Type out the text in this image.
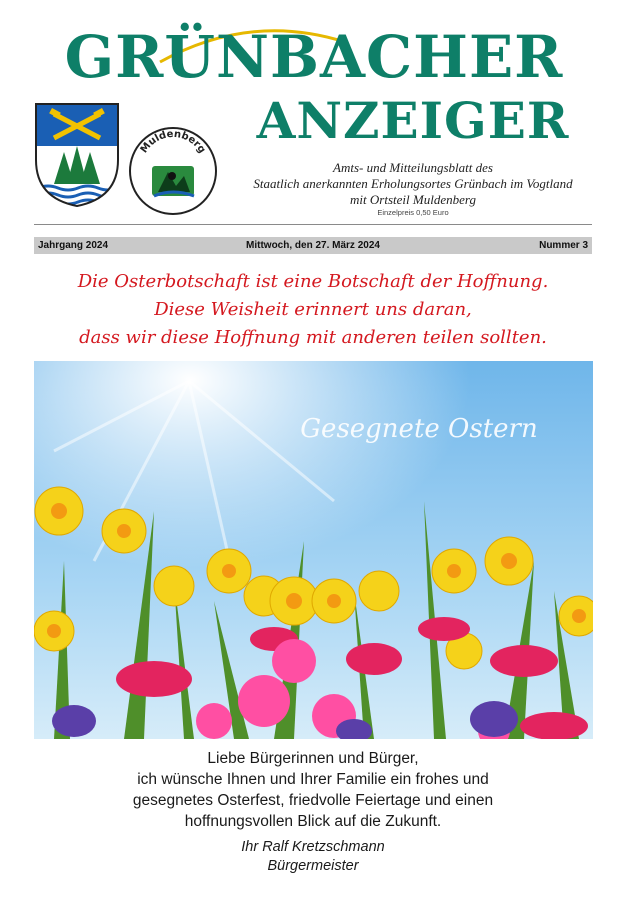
GRÜNBACHER
ANZEIGER
Muldenberg
Amts- und Mitteilungsblatt des
Staatlich anerkannten Erholungsortes Grünbach im Vogtland
mit Ortsteil Muldenberg
Einzelpreis 0,50 Euro
Jahrgang 2024	Mittwoch, den 27. März 2024	Nummer 3
Die Osterbotschaft ist eine Botschaft der Hoffnung.
Diese Weisheit erinnert uns daran,
dass wir diese Hoffnung mit anderen teilen sollten.
Gesegnete Ostern
Liebe Bürgerinnen und Bürger,
ich wünsche Ihnen und Ihrer Familie ein frohes und
gesegnetes Osterfest, friedvolle Feiertage und einen
hoffnungsvollen Blick auf die Zukunft.
Ihr Ralf Kretzschmann
Bürgermeister
